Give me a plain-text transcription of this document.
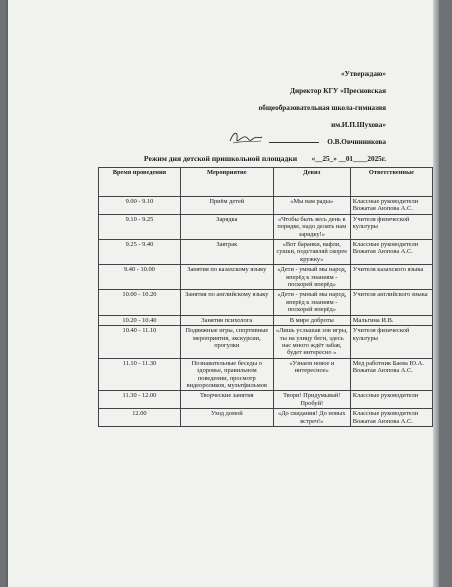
«Утверждаю»
Директор КГУ «Пресновская
общеобразовательная школа-гимназия
им.И.П.Шухова»

О.В.Овчинникова
«__25_» __01____2025г.
Режим дня детской пришкольной площадки
Время проведения	Мероприятие	Девиз	Ответственные
9.00 - 9.10	Приём детей	«Мы вам рады»	Классные руководители Вожатая Аюпова А.С.
9.10 - 9.25	Зарядка	«Чтобы быть весь день в порядке, надо делать нам зарядку!»	Учителя физической культуры
9.25 - 9.40	Завтрак	«Вот баранки, вафли, сушки, подставляй скорее кружку»	Классные руководители Вожатая Аюпова А.С.
9.40 - 10.00	Занятия по казахскому языку	«Дети - умный мы народ, вперёд к знаниям - поскорей вперёд»	Учителя казахского языка
10.00 - 10.20	Занятия по английскому языку	«Дети - умный мы народ, вперёд к знаниям - поскорей вперёд»	Учителя английского языка
10.20 - 10.40	Занятия психолога	В мире доброты	Мальгина И.В.
10.40 - 11.10	Подвижные игры, спортивные мероприятия, экскурсии, прогулки	«Лишь услышав зов игры, ты на улицу беги, здесь нас много ждёт забав, будет интересно »	Учителя физической культуры
11.10 - 11.30	Познавательные беседы о здоровье, правильном поведении, просмотр видеороликов, мультфильмов	«Узнаем новое и интересное»	Мед работник Баева Ю.А. Вожатая Аюпова А.С.
11.30 - 12.00	Творческие занятия	Твори! Придумывай! Пробуй!	Классные руководители
12.00	Уход домой	«До свидания! До новых встреч!»	Классные руководители Вожатая Аюпова А.С.
